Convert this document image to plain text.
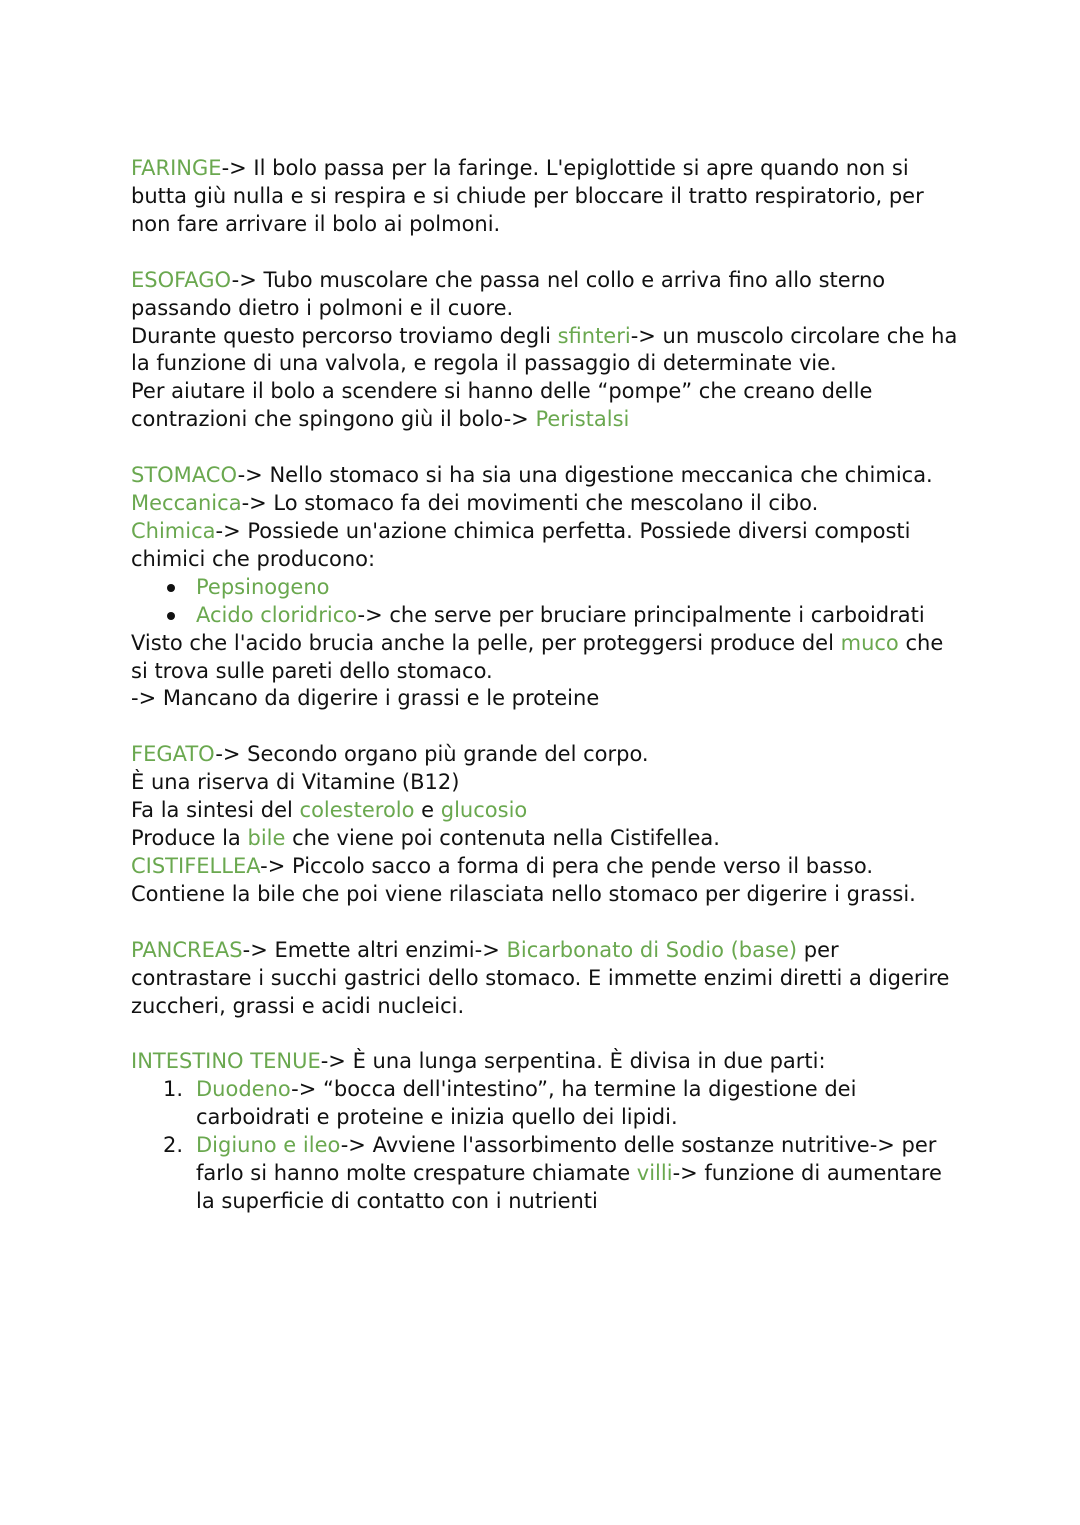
FARINGE-> Il bolo passa per la faringe. L'epiglottide si apre quando non si butta giù nulla e si respira e si chiude per bloccare il tratto respiratorio, per non fare arrivare il bolo ai polmoni.

ESOFAGO-> Tubo muscolare che passa nel collo e arriva fino allo sterno passando dietro i polmoni e il cuore.

Durante questo percorso troviamo degli sfinteri-> un muscolo circolare che ha la funzione di una valvola, e regola il passaggio di determinate vie.

Per aiutare il bolo a scendere si hanno delle “pompe” che creano delle contrazioni che spingono giù il bolo-> Peristalsi

STOMACO-> Nello stomaco si ha sia una digestione meccanica che chimica.

Meccanica-> Lo stomaco fa dei movimenti che mescolano il cibo.

Chimica-> Possiede un'azione chimica perfetta. Possiede diversi composti chimici che producono:

Pepsinogeno
Acido cloridrico-> che serve per bruciare principalmente i carboidrati

Visto che l'acido brucia anche la pelle, per proteggersi produce del muco che si trova sulle pareti dello stomaco.

-> Mancano da digerire i grassi e le proteine

FEGATO-> Secondo organo più grande del corpo.

È una riserva di Vitamine (B12)

Fa la sintesi del colesterolo e glucosio

Produce la bile che viene poi contenuta nella Cistifellea.

CISTIFELLEA-> Piccolo sacco a forma di pera che pende verso il basso. Contiene la bile che poi viene rilasciata nello stomaco per digerire i grassi.

PANCREAS-> Emette altri enzimi-> Bicarbonato di Sodio (base) per contrastare i succhi gastrici dello stomaco. E immette enzimi diretti a digerire

zuccheri, grassi e acidi nucleici.

INTESTINO TENUE-> È una lunga serpentina. È divisa in due parti:

1. Duodeno-> “bocca dell'intestino”, ha termine la digestione dei carboidrati e proteine e inizia quello dei lipidi.
2. Digiuno e ileo-> Avviene l'assorbimento delle sostanze nutritive-> per farlo si hanno molte crespature chiamate villi-> funzione di aumentare la superficie di contatto con i nutrienti
